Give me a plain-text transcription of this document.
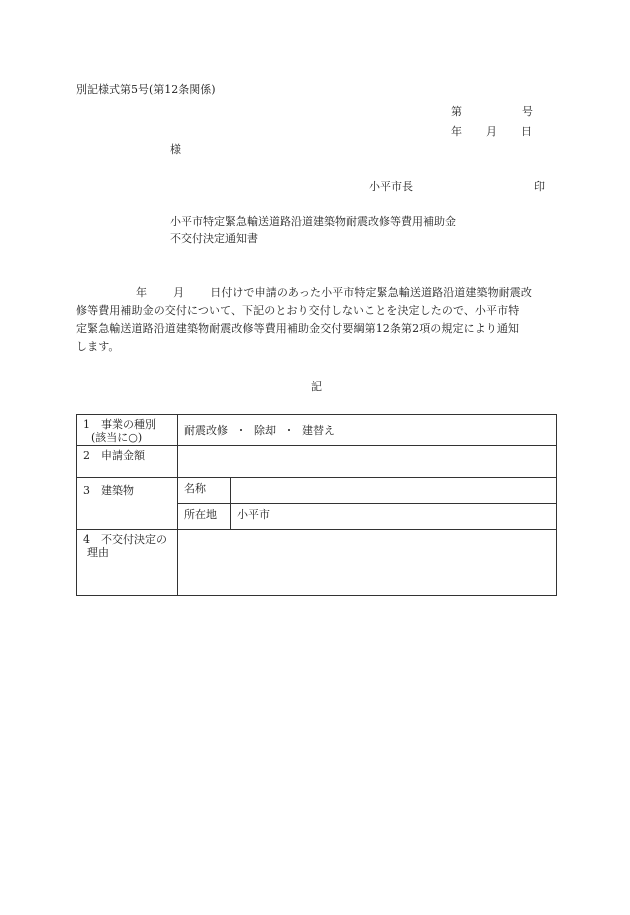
別記様式第5号(第12条関係)
第	号
年 月 日
様
小平市長	印
小平市特定緊急輸送道路沿道建築物耐震改修等費用補助金
不交付決定通知書
年 月 日付けで申請のあった小平市特定緊急輸送道路沿道建築物耐震改
修等費用補助金の交付について、下記のとおり交付しないことを決定したので、小平市特
定緊急輸送道路沿道建築物耐震改修等費用補助金交付要綱第12条第2項の規定により通知
します。
記
1　事業の種別
(該当に○)	耐震改修 ・ 除却 ・ 建替え	

2　申請金額		

3　建築物	名称	
	所在地	小平市

4　不交付決定の
理由		
